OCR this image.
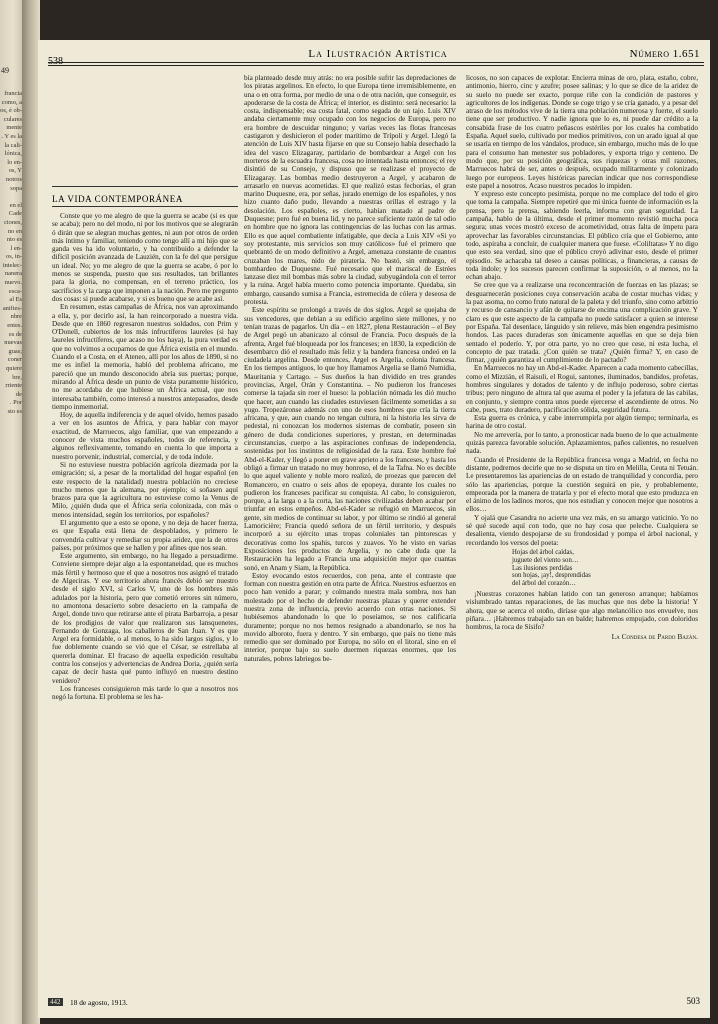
49
francia
como, a
os, é ob-
culares
mente
. Y es la
la cali-
lónica,
lo en-
os, Y
notros
sopa

en el
Cade
ciones,
no en
nto es
l en-
os, in-
intelec-
nanera
nuevo.
esca-
al Es
anifies-
nbre
entes.
es de
nuevas
guas;
coner
quiere
bre,
rriente
de
. Por
sto es

La Ilustración Artística	Número 1.651
LA VIDA CONTEMPORÁNEA

Conste que yo me alegro de que la guerra se acabe (si es que se acaba); pero no del modo, ni por los motivos que se alegrarán ó dirán que se alegran muchas gentes, ni aun por otros de orden más íntimo y familiar, teniendo como tengo allí a mi hijo que se ganda ves ha ido voluntario, y ha contribuido a defender la difícil posición avanzada de Lauzién, con la fe del que persigue un ideal. No; yo me alegro de que la guerra se acabe, ó por lo menos se suspenda, puesto que sus resultados, tan brillantes para la gloria, no compensan, en el terreno práctico, los sacrificios y la carga que imponen a la nación. Pero me pregunto dos cosas: si puede acabarse, y si es bueno que se acabe así.

En resumen, estas campañas de África, nos van aproximando a ella, y, por decirlo así, la han reincorporado a nuestra vida. Desde que en 1860 regresaron nuestros soldados, con Prim y O'Donell, cubiertos de los más infructíferos laureles (si hay laureles infructíferos, que acaso no los haya), la pura verdad es que no volvimos a ocuparnos de que África existía en el mundo. Cuando el a Costa, en el Ateneo, allí por los años de 1890, si no me es infiel la memoria, habló del problema africano, me pareció que un mundo desconocido abría sus puertas; porque, mirando al África desde un punto de vista puramente histórico, no me acordaba de que hubiese un África actual, que nos interesaba también, como interesó a nuestros antepasados, desde tiempo inmemorial.

Hoy, de aquella indiferencia y de aquel olvido, hemos pasado a ver en los asuntos de África, y para hablar con mayor exactitud, de Marruecos, algo familiar, que van empezando a conocer de vista muchos españoles, todos de referencia, y algunos reflexivamente, tomando en cuenta lo que importa a nuestro porvenir, industrial, comercial, y de toda índole.

Si no estuviese nuestra población agrícola diezmada por la emigración; si, a pesar de la mortalidad del hogar español (en este respecto de la natalidad) nuestra población no creciese mucho menos que la alemana, por ejemplo; si soñasen aquí brazos para que la agricultura no estuviese como la Venus de Milo, ¿quién duda que el África sería colonizada, con más o menos intensidad, según los territorios, por españoles?

El argumento que a esto se opone, y no deja de hacer fuerza, es que España está llena de despoblados, y primero le convendría cultivar y remediar su propia aridez, que la de otros países, por próximos que se hallen y por afines que nos sean.

Este argumento, sin embargo, no ha llegado a persuadirme. Conviene siempre dejar algo a la espontaneidad, que es muchos más fértil y hermoso que el que a nosotros nos asignó el tratado de Algeciras. Y ese territorio ahora francés debió ser nuestro desde el siglo XVI, si Carlos V, uno de los hombres más adulados por la historia, pero que cometió errores sin número, no amontona desacierto sobre desacierto en la campaña de Argel, donde tuvo que retirarse ante el pirata Barbarroja, a pesar de los prodigios de valor que realizaron sus lansquenetes, Fernando de Gonzaga, los caballeros de San Juan. Y es que Argel era formidable, o al menos, lo ha sido largos siglos, y lo fue doblemente cuando se vió que el César, se estrellaba al quererla dominar. El fracaso de aquella expedición resultaba contra los consejos y advertencias de Andrea Doria, ¿quién sería capaz de decir hasta qué punto influyó en nuestro destino venidero?

Los franceses consiguieron más tarde lo que a nosotros nos negó la fortuna. El problema se les ha-

bía planteado desde muy atrás: no era posible sufrir las depredaciones de los piratas argelinos. En efecto, lo que Europa tiene irremisiblemente, en una o en otra forma, por medio de una o de otra nación, que conseguir, es apoderarse de la costa de África; el interior, es distinto: será necesario: la costa, indispensable; esa costa fatal, como segada de un tajo. Luis XIV andaba ciertamente muy ocupado con los negocios de Europa, pero no era hombre de descuidar ninguno; y varias veces las flotas francesas castigaron y deshicieron el poder marítimo de Trípoli y Argel. Llegó la atención de Luis XIV hasta fijarse en que su Consejo había desechado la idea del vasco Elizagaray, partidario de bombardear a Argel con los morteros de la escuadra francesa, cosa no intentada hasta entonces; el rey disintió de su Consejo, y dispuso que se realizase el proyecto de Elizagaray. Las bombas medio destruyeron a Argel, y acabaron de arrasarlo en nuevas acometidas. El que realizó estas fechorías, el gran marino Duquesne, era, por señas, jurado enemigo de los españoles, y nos hizo cuanto daño pudo, llevando a nuestras orillas el estrago y la desolación. Los españoles, es cierto, habían matado al padre de Duquesne; pero fué en buena lid, y no parece suficiente razón de tal odio en hombre que no ignora las contingencias de las luchas con las armas. Ello es que aquel combatiente infatigable, que decía a Luis XIV «Si yo soy protestante, mis servicios son muy católicos» fué el primero que quebrantó de un modo definitivo a Argel, amenaza constante de cuantos cruzaban los mares, nido de piratería. No bastó, sin embargo, el bombardeo de Duquesne. Fué necesario que el mariscal de Estrées lanzase diez mil bombas más sobre la ciudad, subyugándola con el terror y la ruina. Argel había muerto como potencia importante. Quedaba, sin embargo, causando sumisa a Francia, estremecida de cólera y deseosa de protesta.

Este espíritu se prolongó a través de dos siglos. Argel se quejaba de sus vencedores, que debían a su edificio argelino siete millones, y no tenían trazas de pagarlos. Un día – en 1827, plena Restauración – el Bey de Argel pegó un abanicazo al cónsul de Francia. Poco después de la afrenta, Argel fué bloqueada por los franceses; en 1830, la expedición de desembarco dió el resultado más feliz y la bandera francesa ondeó en la ciudadela argelina. Desde entonces, Argel es Argelia, colonia francesa. En los tiempos antiguos, lo que hoy llamamos Argelia se llamó Numidia, Mauritania y Cartago. – Sus dueños la han dividido en tres grandes provincias, Argel, Orán y Constantina. – No pudieron los franceses comerse la tajada sin roer el hueso: la población nómada les dió mucho que hacer, aun cuando las ciudades estuviesen fácilmente sometidas a su yugo. Tropezáronse además con uno de esos hombres que cría la tierra africana, y que, aun cuando no tengan cultura, ni la historia les sirva de pedestal, ni conozcan los modernos sistemas de combatir, poseen sin género de duda condiciones superiores, y prestan, en determinadas circunstancias, cuerpo a las aspiraciones confusas de independencia, sostenidas por los instintos de religiosidad de la raza. Este hombre fué Abd-el-Kader, y llegó a poner en grave aprieto a los franceses, y hasta los obligó a firmar un tratado no muy honroso, el de la Tafna. No es decible lo que aquel valiente y noble moro realizó, de proezas que parecen del Romancero, en cuatro o seis años de epopeya, durante los cuales no pudieron los franceses pacificar su conquista. Al cabo, lo consiguieron, porque, a la larga o a la corta, las naciones civilizadas deben acabar por triunfar en estos empeños. Abd-el-Kader se refugió en Marruecos, sin gente, sin medios de continuar su labor, y por último se rindió al general Lamoricière; Francia quedó señora de un fértil territorio, y después incorporó a su ejército unas tropas coloniales tan pintorescas y decorativas como los spahis, turcos y zuavos. Yo he visto en varias Exposiciones los productos de Argelia, y no cabe duda que la Restauración ha legado a Francia una adquisición mejor que cuantas sonó, en Anam y Siam, la República.

Estoy evocando estos recuerdos, con pena, ante el contraste que forman con nuestra gestión en otra parte de África. Nuestros esfuerzos en poco han venido a parar; y colmando nuestra mala sombra, nos han molestado por el hecho de defender nuestras plazas y querer extender nuestra zona de influencia, previo acuerdo con otras naciones. Si hubiésemos abandonado lo que lo poseíamos, se nos calificaría duramente; porque no nos hemos resignado a abandonarlo, se nos ha movido alboroto, fuera y dentro. Y sin embargo, que país no tiene más remedio que ser dominado por Europa, no sólo en el litoral, sino en el interior, porque bajo su suelo duermen riquezas enormes, que los naturales, pobres labriegos be-

licosos, no son capaces de explotar. Encierra minas de oro, plata, estaño, cobre, antimonio, hierro, cinc y azufre; posee salinas; y lo que se dice de la aridez de su suelo no puede ser exacto, porque riñe con la condición de pastores y agricultores de los indígenas. Donde se coge trigo y se cría ganado, y a pesar del atraso de los métodos vive de la tierra una población numerosa y fuerte, el suelo tiene que ser productivo. Y nadie ignora que lo es, ni puede dar crédito a la consabida frase de los cuatro peñascos estériles por los cuales ha combatido España. Aquel suelo, cultivado por medios primitivos, con un arado igual al que se usaría en tiempo de los vándalos, produce, sin embargo, mucho más de lo que para el consumo han menester sus pobladores, y exporta trigo y centeno. De modo que, por su posición geográfica, sus riquezas y otras mil razones, Marruecos habrá de ser, antes o después, ocupado militarmente y colonizado luego por europeos. Leyes históricas parecían indicar que nos correspondiese este papel a nosotros. Acaso nuestros pecados lo impiden.

Y expreso este concepto pesimista, porque no me complace del todo el giro que toma la campaña. Siempre repetiré que mi única fuente de información es la prensa, pero la prensa, sabiendo leerla, informa con gran seguridad. La campaña, hablo de la última, desde el primer momento revistió mucha poca segura; unas veces mostró exceso de acometividad, otras falta de ímpetu para aprovechar las favorables circunstancias. El público cría que el Gobierno, ante todo, aspiraba a concluir, de cualquier manera que fuese. «Coliltatas» Y no digo que esto sea verdad, sino que el público creyó adivinar esto, desde el primer episodio. Se achacaba tal deseo a causas políticas, a financieras, a causas de toda índole; y los sucesos parecen confirmar la suposición, o al menos, no la echan abajo.

Se cree que va a realizarse una reconcentración de fuerzas en las plazas; se desguarnecerán posiciones cuya conservación acaba de costar muchas vidas; y la paz asoma, no como fruto natural de la paleta y del triunfo, sino como arbitrio y recurso de cansancio y afán de quitarse de encima una complicación grave. Y claro es que este aspecto de la campaña no puede satisfacer a quien se interese por España. Tal desenlace, lánguido y sin relieve, más bien engendra pesimismo hondos. Las paces duraderas son únicamente aquellas en que se deja bien sentado el poderío. Y, por otra parte, yo no creo que cese, ni esta lucha, el concepto de paz tratada. ¿Con quién se trata? ¿Quién firma? Y, en caso de firmar, ¿quién garantiza el cumplimiento de lo pactado?

En Marruecos no hay un Abd-el-Kader. Aparecen a cada momento cabecillas, como el Mizzián, el Raisuli, el Rogui, santones, iluminados, bandidos, profetas, hombres singulares y dotados de talento y de influjo poderoso, sobre ciertas tribus; pero ninguno de altura tal que asuma el poder y la jefatura de las cabilas, en conjunto, y siempre contra unos puede ejercerse el ascendiente de otros. No cabe, pues, trato duradero, pacificación sólida, seguridad futura.

Esta guerra es crónica, y cabe interrumpirla por algún tiempo; terminarla, es harina de otro costal.

No me arrevería, por lo tanto, a pronosticar nada bueno de lo que actualmente quizás parezca favorable solución. Aplazamientos, paños calientes, no resuelven nada.

Cuando el Presidente de la República francesa venga a Madrid, en fecha no distante, podremos decirle que no se disputa un tiro en Melilla, Ceuta ni Tetuán. Le presentaremos las apariencias de un estado de tranquilidad y concordia, pero sólo las apariencias, porque la cuestión seguirá en pie, y probablemente, empeorada por la manera de tratarla y por el efecto moral que esto produzca en el ánimo de los ladinos moros, que nos estudian y conocen mejor que nosotros a ellos…

Y ojalá que Casandra no acierte una vez más, en su amargo vaticinio. Yo no sé qué sucede aquí con todo, que no hay cosa que peleche. Cualquiera se desalienta, viendo despojarse de su frondosidad y pompa el árbol nacional, y recordando los versos del poeta:

Hojas del árbol caídas,
juguete del viento son…
Las ilusiones perdidas
son hojas, ¡ay!, desprendidas
del árbol del corazón…

¡Nuestras corazones habían latido con tan generoso arranque; habíamos vislumbrado tantas reparaciones, de las muchas que nos debe la historia! Y ahora, que se acerca el otoño, diríase que algo melancólico nos envuelve, nos piñara… ¡Habremos trabajado tan en balde; habremos empujado, con doloridos hombros, la roca de Sísifo?

La Condesa de Pardo Bazán.
442 18 de agosto, 1913.	503
